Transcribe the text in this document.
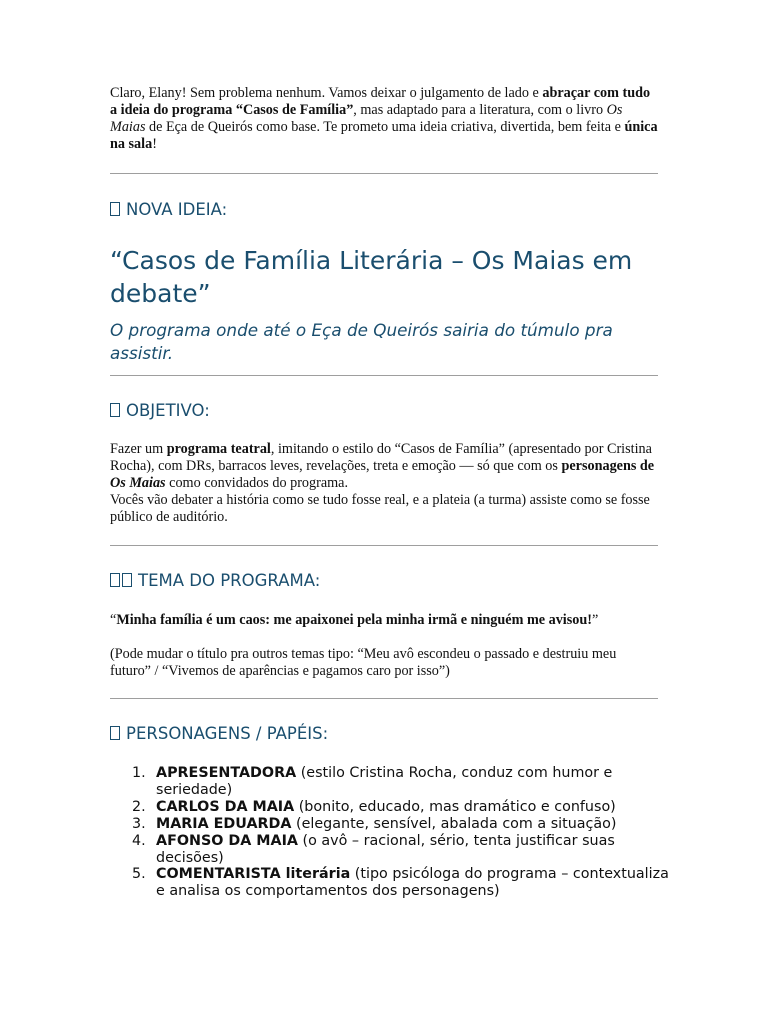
Claro, Elany! Sem problema nenhum. Vamos deixar o julgamento de lado e abraçar com tudo a ideia do programa “Casos de Família”, mas adaptado para a literatura, com o livro Os Maias de Eça de Queirós como base. Te prometo uma ideia criativa, divertida, bem feita e única na sala!
NOVA IDEIA:
“Casos de Família Literária – Os Maias em debate”
O programa onde até o Eça de Queirós sairia do túmulo pra assistir.
OBJETIVO:
Fazer um programa teatral, imitando o estilo do “Casos de Família” (apresentado por Cristina Rocha), com DRs, barracos leves, revelações, treta e emoção — só que com os personagens de Os Maias como convidados do programa.
Vocês vão debater a história como se tudo fosse real, e a plateia (a turma) assiste como se fosse público de auditório.
TEMA DO PROGRAMA:
“Minha família é um caos: me apaixonei pela minha irmã e ninguém me avisou!”
(Pode mudar o título pra outros temas tipo: “Meu avô escondeu o passado e destruiu meu futuro” / “Vivemos de aparências e pagamos caro por isso”)
PERSONAGENS / PAPÉIS:
1. APRESENTADORA (estilo Cristina Rocha, conduz com humor e seriedade)
2. CARLOS DA MAIA (bonito, educado, mas dramático e confuso)
3. MARIA EDUARDA (elegante, sensível, abalada com a situação)
4. AFONSO DA MAIA (o avô – racional, sério, tenta justificar suas decisões)
5. COMENTARISTA literária (tipo psicóloga do programa – contextualiza e analisa os comportamentos dos personagens)
